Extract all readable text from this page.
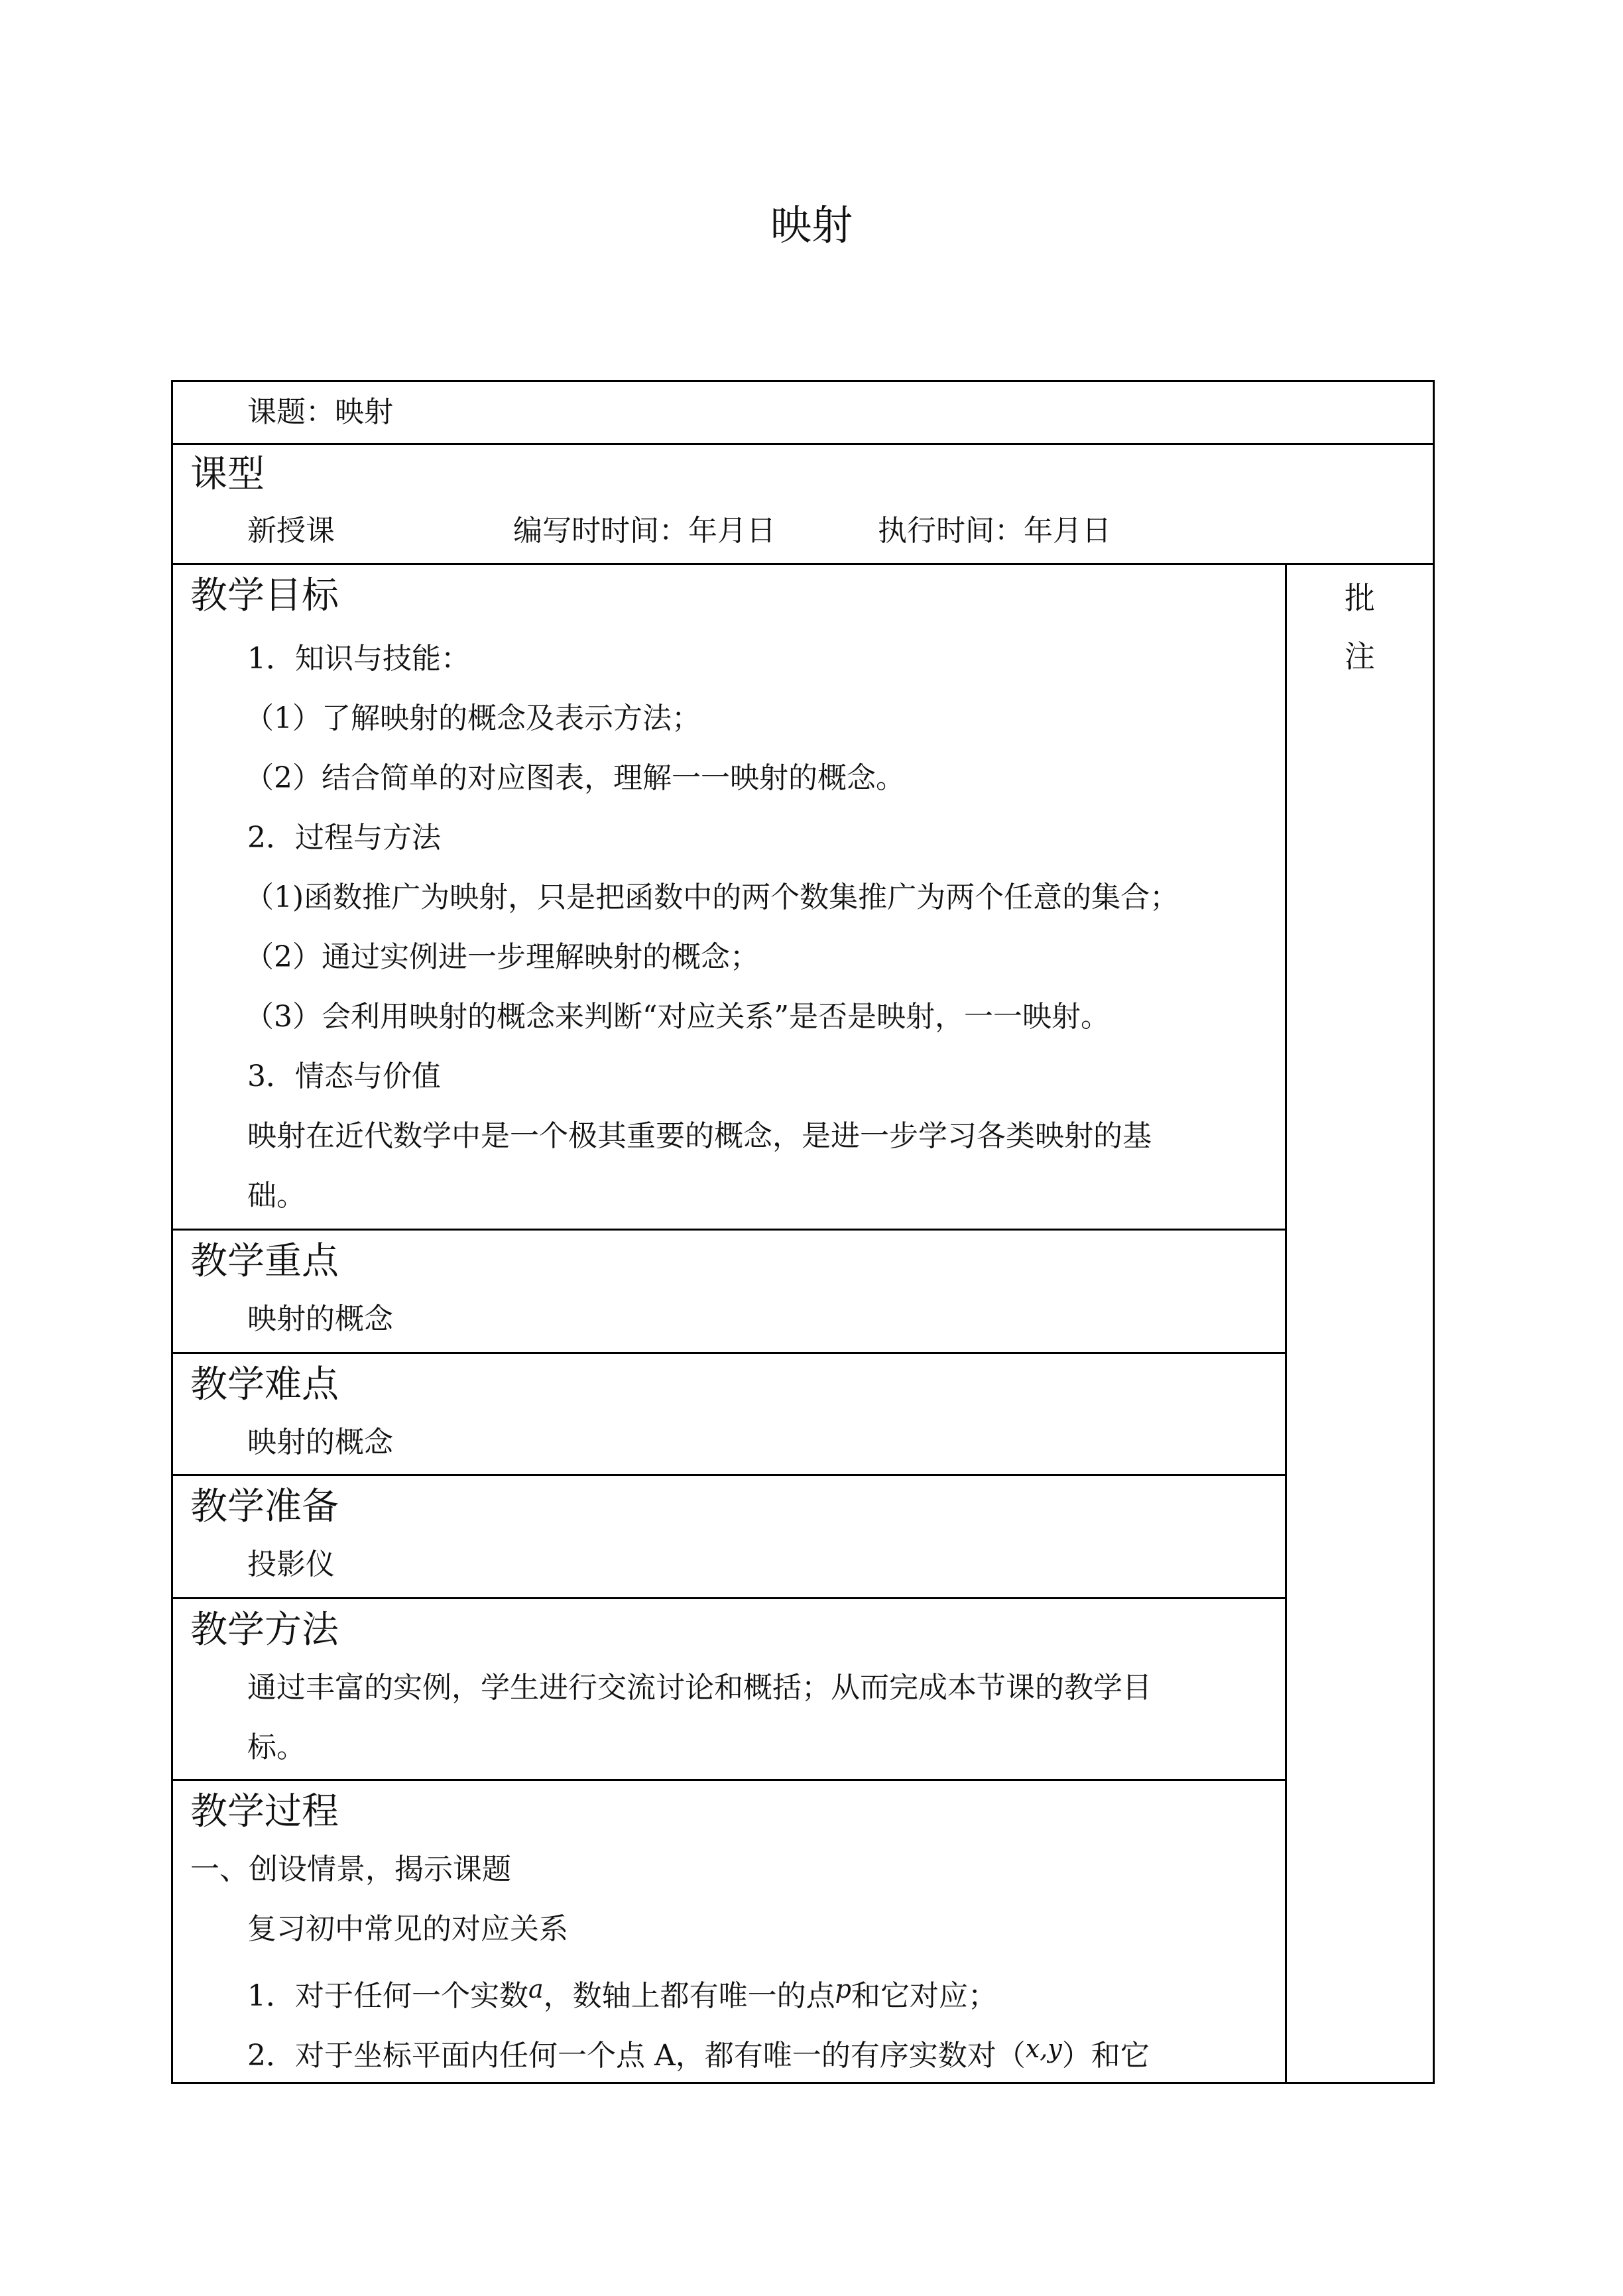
映射
课题：映射
课型
新授课	编写时时间：年月日	执行时间：年月日
批
注
教学目标
1．知识与技能：
（1）了解映射的概念及表示方法；
（2）结合简单的对应图表，理解一一映射的概念。
2．过程与方法
（1)函数推广为映射，只是把函数中的两个数集推广为两个任意的集合；
（2）通过实例进一步理解映射的概念；
（3）会利用映射的概念来判断“对应关系”是否是映射，一一映射。
3．情态与价值
映射在近代数学中是一个极其重要的概念，是进一步学习各类映射的基
础。
教学重点
映射的概念
教学难点
映射的概念
教学准备
投影仪
教学方法
通过丰富的实例，学生进行交流讨论和概括；从而完成本节课的教学目
标。
教学过程
一、创设情景，揭示课题
复习初中常见的对应关系
1．对于任何一个实数a，数轴上都有唯一的点p和它对应；
2．对于坐标平面内任何一个点 A，都有唯一的有序实数对（x,y）和它
